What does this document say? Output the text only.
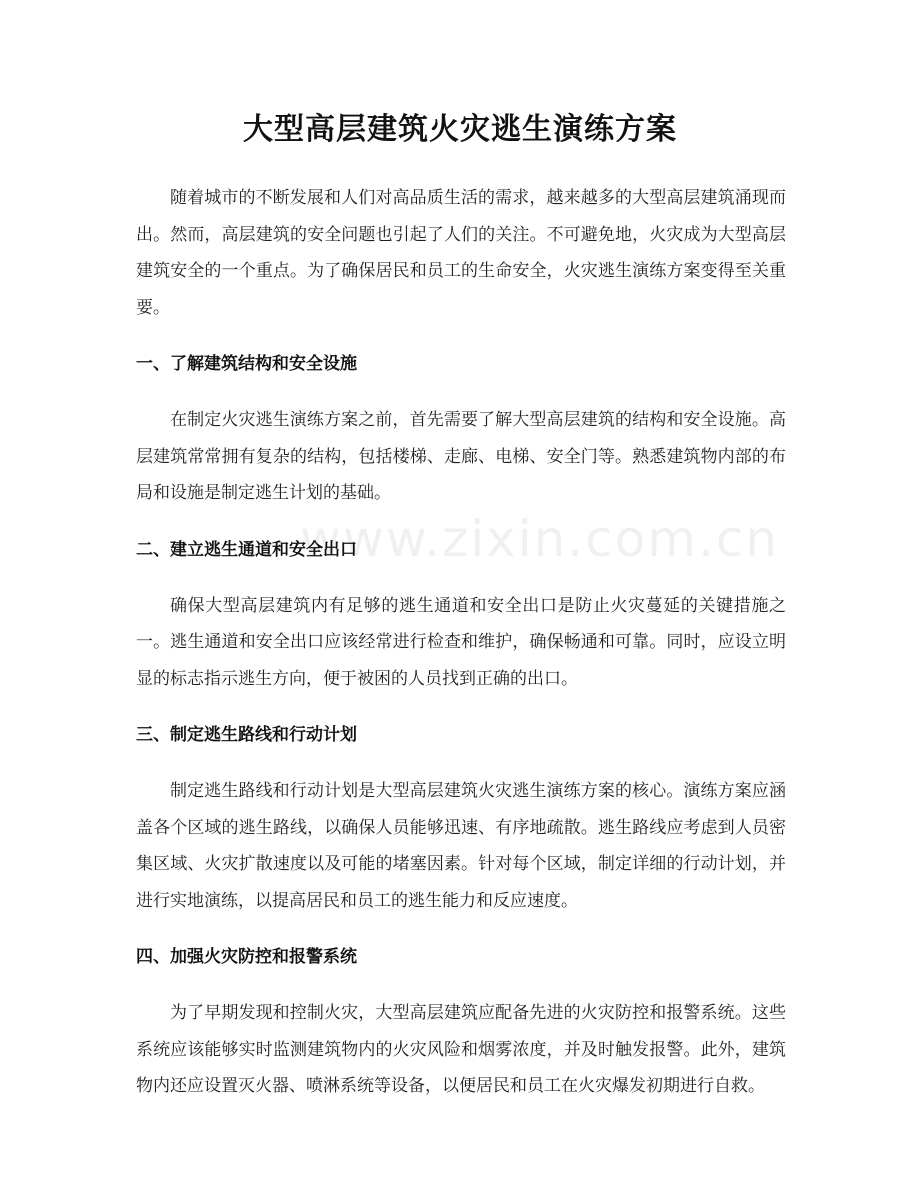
www.zixin.com.cn
大型高层建筑火灾逃生演练方案

随着城市的不断发展和人们对高品质生活的需求，越来越多的大型高层建筑涌现而出。然而，高层建筑的安全问题也引起了人们的关注。不可避免地，火灾成为大型高层建筑安全的一个重点。为了确保居民和员工的生命安全，火灾逃生演练方案变得至关重要。

一、了解建筑结构和安全设施

在制定火灾逃生演练方案之前，首先需要了解大型高层建筑的结构和安全设施。高层建筑常常拥有复杂的结构，包括楼梯、走廊、电梯、安全门等。熟悉建筑物内部的布局和设施是制定逃生计划的基础。

二、建立逃生通道和安全出口

确保大型高层建筑内有足够的逃生通道和安全出口是防止火灾蔓延的关键措施之一。逃生通道和安全出口应该经常进行检查和维护，确保畅通和可靠。同时，应设立明显的标志指示逃生方向，便于被困的人员找到正确的出口。

三、制定逃生路线和行动计划

制定逃生路线和行动计划是大型高层建筑火灾逃生演练方案的核心。演练方案应涵盖各个区域的逃生路线，以确保人员能够迅速、有序地疏散。逃生路线应考虑到人员密集区域、火灾扩散速度以及可能的堵塞因素。针对每个区域，制定详细的行动计划，并进行实地演练，以提高居民和员工的逃生能力和反应速度。

四、加强火灾防控和报警系统

为了早期发现和控制火灾，大型高层建筑应配备先进的火灾防控和报警系统。这些系统应该能够实时监测建筑物内的火灾风险和烟雾浓度，并及时触发报警。此外，建筑物内还应设置灭火器、喷淋系统等设备，以便居民和员工在火灾爆发初期进行自救。
